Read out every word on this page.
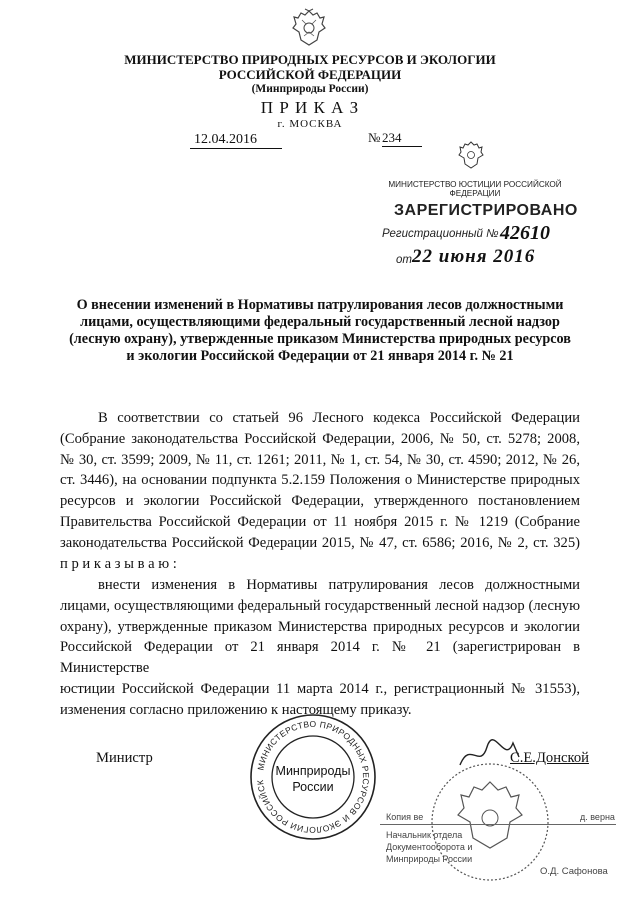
МИНИСТЕРСТВО ПРИРОДНЫХ РЕСУРСОВ И ЭКОЛОГИИ
РОССИЙСКОЙ ФЕДЕРАЦИИ
(Минприроды России)
П Р И К А З
г. МОСКВА
12.04.2016	№ 234
МИНИСТЕРСТВО ЮСТИЦИИ РОССИЙСКОЙ ФЕДЕРАЦИИ
ЗАРЕГИСТРИРОВАНО
Регистрационный № 42610
от 22 июня 2016
О внесении изменений в Нормативы патрулирования лесов должностными
лицами, осуществляющими федеральный государственный лесной надзор
(лесную охрану), утвержденные приказом Министерства природных ресурсов
и экологии Российской Федерации от 21 января 2014 г. № 21
В соответствии со статьей 96 Лесного кодекса Российской Федерации
(Собрание законодательства Российской Федерации, 2006, № 50, ст. 5278; 2008,
№ 30, ст. 3599; 2009, № 11, ст. 1261; 2011, № 1, ст. 54, № 30, ст. 4590; 2012, № 26,
ст. 3446), на основании подпункта 5.2.159 Положения о Министерстве природных
ресурсов и экологии Российской Федерации, утвержденного постановлением
Правительства Российской Федерации от 11 ноября 2015 г. № 1219 (Собрание
законодательства Российской Федерации 2015, № 47, ст. 6586; 2016, № 2, ст. 325)
п р и к а з ы в а ю :
внести изменения в Нормативы патрулирования лесов должностными
лицами, осуществляющими федеральный государственный лесной надзор (лесную
охрану), утвержденные приказом Министерства природных ресурсов и экологии
Российской Федерации от 21 января 2014 г. № 21 (зарегистрирован в Министерстве
юстиции Российской Федерации 11 марта 2014 г., регистрационный № 31553),
изменения согласно приложению к настоящему приказу.
Министр	С.Е.Донской
МИНИСТЕРСТВО ПРИРОДНЫХ РЕСУРСОВ И ЭКОЛОГИИ РОССИЙСК
Минприроды
России
Копия ве	д. верна
Начальник отдела
Документооборота и
Минприроды России
О.Д. Сафонова
